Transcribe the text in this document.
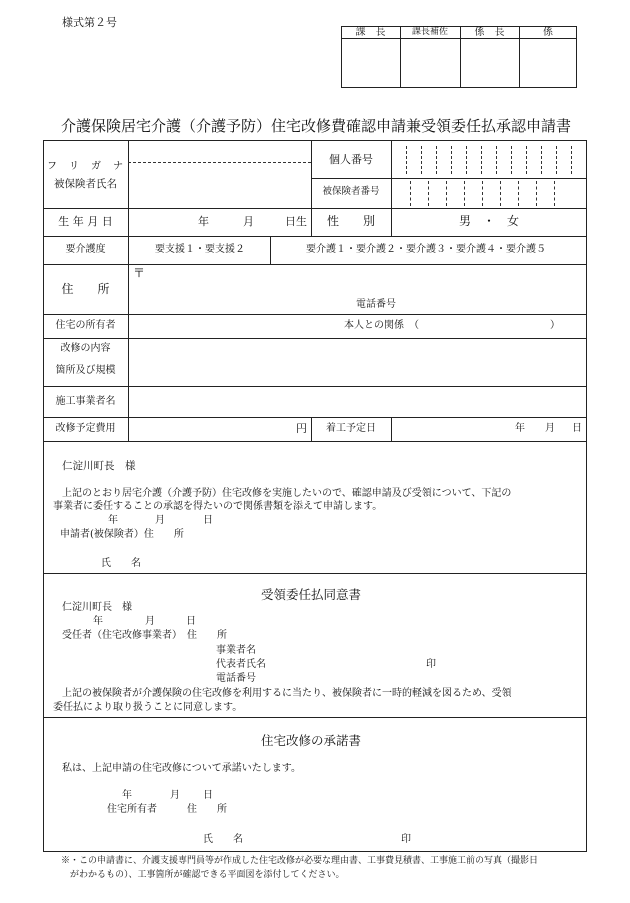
様式第２号
課　長	課長補佐	係　長	係
介護保険居宅介護（介護予防）住宅改修費確認申請兼受領委任払承認申請書
フ　リ　ガ　ナ
被保険者氏名
個人番号
被保険者番号
生 年 月 日	年	月	日生	性　　別	男　・　女
要介護度	要支援１・要支援２	要介護１・要介護２・要介護３・要介護４・要介護５
住　　所
〒
電話番号
住宅の所有者	本人との関係　（	）
改修の内容
箇所及び規模
施工事業者名
改修予定費用	円	着工予定日	年 月 日
仁淀川町長　様
上記のとおり居宅介護（介護予防）住宅改修を実施したいので、確認申請及び受領について、下記の
事業者に委任することの承認を得たいので関係書類を添えて申請します。
年	月	日
申請者(被保険者）住　　所
氏　　名
受領委任払同意書
仁淀川町長　様
年	月	日
受任者（住宅改修事業者）　住　　所
事業者名
代表者氏名	印
電話番号
上記の被保険者が介護保険の住宅改修を利用するに当たり、被保険者に一時的軽減を図るため、受領
委任払により取り扱うことに同意します。
住宅改修の承諾書
私は、上記申請の住宅改修について承諾いたします。
年	月 日
住宅所有者　　　住　　所
氏　　名	印
※・この申請書に、介護支援専門員等が作成した住宅改修が必要な理由書、工事費見積書、工事施工前の写真（撮影日
がわかるもの）、工事箇所が確認できる平面図を添付してください。
